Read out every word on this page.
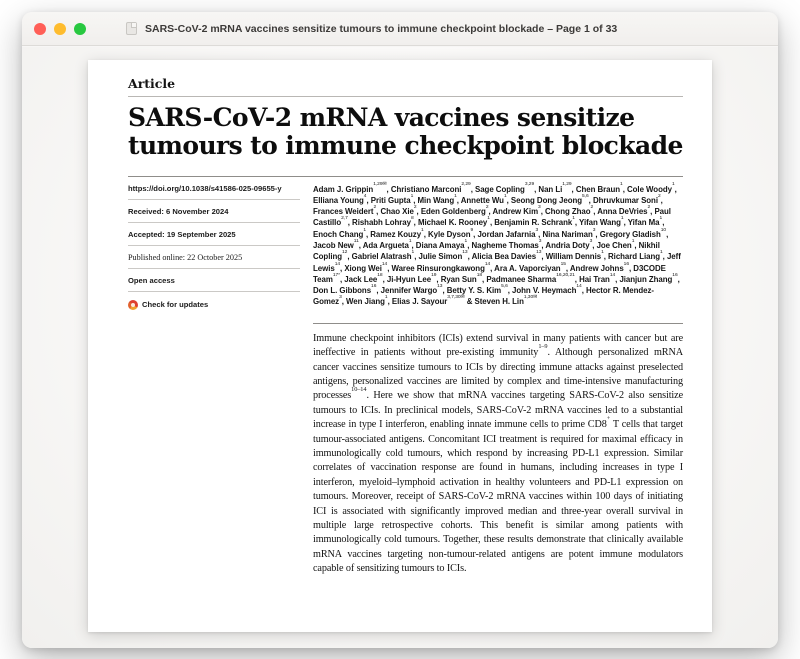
SARS-CoV-2 mRNA vaccines sensitize tumours to immune checkpoint blockade – Page 1 of 33
Article
SARS-CoV-2 mRNA vaccines sensitize tumours to immune checkpoint blockade
https://doi.org/10.1038/s41586-025-09655-y
Received: 6 November 2024
Accepted: 19 September 2025
Published online: 22 October 2025
Open access
Check for updates
Adam J. Grippin$^{1,29✉}$, Christiano Marconi$^{2,29}$, Sage Copling$^{3,29}$, Nan Li$^{1,29}$, Chen Braun$^1$, Cole Woody$^1$, Elliana Young$^4$, Priti Gupta$^1$, Min Wang$^1$, Annette Wu$^1$, Seong Dong Jeong$^{5,6}$, Dhruvkumar Soni$^2$, Frances Weidert$^2$, Chao Xie$^2$, Eden Goldenberg$^2$, Andrew Kim$^3$, Chong Zhao$^2$, Anna DeVries$^2$, Paul Castillo$^{2,7}$, Rishabh Lohray$^8$, Michael K. Rooney$^1$, Benjamin R. Schrank$^1$, Yifan Wang$^1$, Yifan Ma$^1$, Enoch Chang$^1$, Ramez Kouzy$^1$, Kyle Dyson$^9$, Jordan Jafarnia$^3$, Nina Nariman$^3$, Gregory Gladish$^{10}$, Jacob New$^{11}$, Ada Argueta$^1$, Diana Amaya$^1$, Nagheme Thomas$^3$, Andria Doty$^3$, Joe Chen$^1$, Nikhil Copling$^{12}$, Gabriel Alatrash$^1$, Julie Simon$^{13}$, Alicia Bea Davies$^{13}$, William Dennis$^1$, Richard Liang$^1$, Jeff Lewis$^{14}$, Xiong Wei$^{14}$, Waree Rinsurongkawong$^{14}$, Ara A. Vaporciyan$^{15}$, Andrew Johns$^{16}$, D3CODE Team$^{17*}$, Jack Lee$^{18}$, Ji-Hyun Lee$^{19}$, Ryan Sun$^{18}$, Padmanee Sharma$^{16,20,21}$, Hai Tran$^{14}$, Jianjun Zhang$^{16}$, Don L. Gibbons$^{16}$, Jennifer Wargo$^{13}$, Betty Y. S. Kim$^{5,6}$, John V. Heymach$^{14}$, Hector R. Mendez-Gomez$^3$, Wen Jiang$^1$, Elias J. Sayour$^{3,7,30✉}$ & Steven H. Lin$^{1,30✉}$

Immune checkpoint inhibitors (ICIs) extend survival in many patients with cancer but are ineffective in patients without pre-existing immunity$^{1-9}$. Although personalized mRNA cancer vaccines sensitize tumours to ICIs by directing immune attacks against preselected antigens, personalized vaccines are limited by complex and time-intensive manufacturing processes$^{10-14}$. Here we show that mRNA vaccines targeting SARS-CoV-2 also sensitize tumours to ICIs. In preclinical models, SARS-CoV-2 mRNA vaccines led to a substantial increase in type I interferon, enabling innate immune cells to prime CD8+ T cells that target tumour-associated antigens. Concomitant ICI treatment is required for maximal efficacy in immunologically cold tumours, which respond by increasing PD-L1 expression. Similar correlates of vaccination response are found in humans, including increases in type I interferon, myeloid–lymphoid activation in healthy volunteers and PD-L1 expression on tumours. Moreover, receipt of SARS-CoV-2 mRNA vaccines within 100 days of initiating ICI is associated with significantly improved median and three-year overall survival in multiple large retrospective cohorts. This benefit is similar among patients with immunologically cold tumours. Together, these results demonstrate that clinically available mRNA vaccines targeting non-tumour-related antigens are potent immune modulators capable of sensitizing tumours to ICIs.
